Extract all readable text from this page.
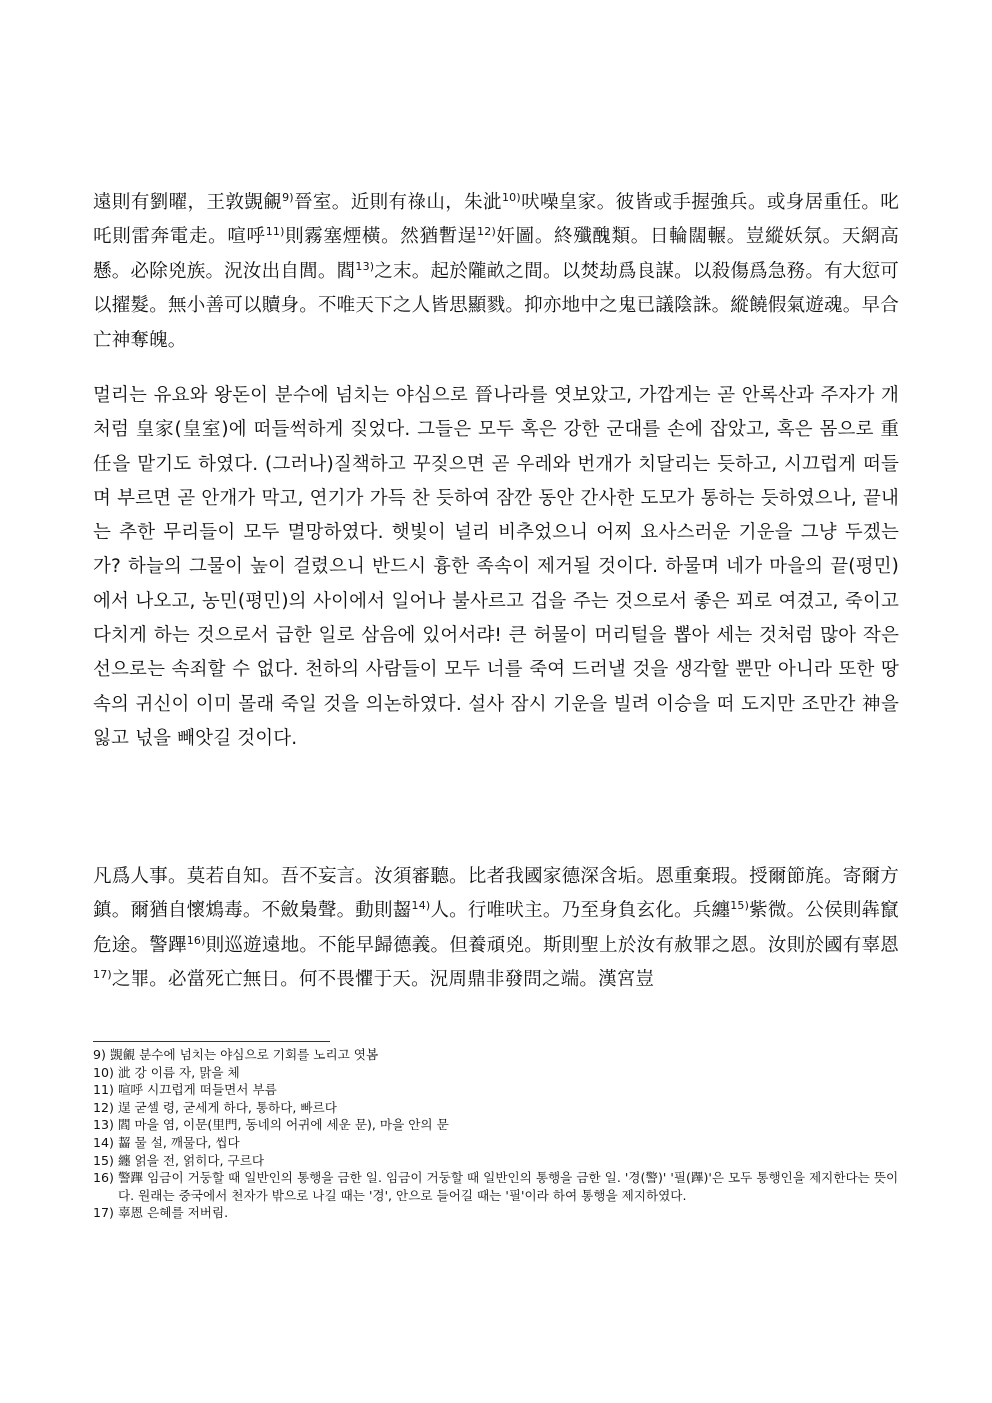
遠則有劉曜，王敦覬覦$^{9)}$晉室。近則有祿山，朱泚$^{10)}$吠噪皇家。彼皆或手握強兵。或身居重任。叱吒則雷奔電走。喧呼$^{11)}$則霧塞煙橫。然猶暫逞$^{12)}$奸圖。終殲醜類。日輪闊輾。豈縱妖氛。天網高懸。必除兇族。況汝出自閭。閻$^{13)}$之末。起於隴畝之間。以焚劫爲良謀。以殺傷爲急務。有大愆可以擢髮。無小善可以贖身。不唯天下之人皆思顯戮。抑亦地中之鬼已議陰誅。縱饒假氣遊魂。早合亡神奪魄。

멀리는 유요와 왕돈이 분수에 넘치는 야심으로 晉나라를 엿보았고, 가깝게는 곧 안록산과 주자가 개처럼 皇家(皇室)에 떠들썩하게 짖었다. 그들은 모두 혹은 강한 군대를 손에 잡았고, 혹은 몸으로 重任을 맡기도 하였다. (그러나)질책하고 꾸짖으면 곧 우레와 번개가 치달리는 듯하고, 시끄럽게 떠들며 부르면 곧 안개가 막고, 연기가 가득 찬 듯하여 잠깐 동안 간사한 도모가 통하는 듯하였으나, 끝내는 추한 무리들이 모두 멸망하였다. 햇빛이 널리 비추었으니 어찌 요사스러운 기운을 그냥 두겠는가? 하늘의 그물이 높이 걸렸으니 반드시 흉한 족속이 제거될 것이다. 하물며 네가 마을의 끝(평민)에서 나오고, 농민(평민)의 사이에서 일어나 불사르고 겁을 주는 것으로서 좋은 꾀로 여겼고, 죽이고 다치게 하는 것으로서 급한 일로 삼음에 있어서랴! 큰 허물이 머리털을 뽑아 세는 것처럼 많아 작은 선으로는 속죄할 수 없다. 천하의 사람들이 모두 너를 죽여 드러낼 것을 생각할 뿐만 아니라 또한 땅 속의 귀신이 이미 몰래 죽일 것을 의논하였다. 설사 잠시 기운을 빌려 이승을 떠 도지만 조만간 神을 잃고 넋을 빼앗길 것이다.

凡爲人事。莫若自知。吾不妄言。汝須審聽。比者我國家德深含垢。恩重棄瑕。授爾節旄。寄爾方鎮。爾猶自懷鴆毒。不斂梟聲。動則齧$^{14)}$人。行唯吠主。乃至身負玄化。兵纏$^{15)}$紫微。公侯則犇竄危途。警蹕$^{16)}$則巡遊遠地。不能早歸德義。但養頑兇。斯則聖上於汝有赦罪之恩。汝則於國有辜恩$^{17)}$之罪。必當死亡無日。何不畏懼于天。況周鼎非發問之端。漢宮豈

9) 覬覦 분수에 넘치는 야심으로 기회를 노리고 엿봄
10) 泚 강 이름 자, 맑을 체
11) 喧呼 시끄럽게 떠들면서 부름
12) 逞 굳셀 령, 굳세게 하다, 통하다, 빠르다
13) 閻 마을 염, 이문(里門, 동네의 어귀에 세운 문), 마을 안의 문
14) 齧 물 설, 깨물다, 씹다
15) 纏 얽을 전, 얽히다, 구르다
16) 警蹕 임금이 거둥할 때 일반인의 통행을 금한 일. 임금이 거둥할 때 일반인의 통행을 금한 일. '경(警)' '필(蹕)'은 모두 통행인을 제지한다는 뜻이다. 원래는 중국에서 천자가 밖으로 나길 때는 '경', 안으로 들어길 때는 '필'이라 하여 통행을 제지하였다.
17) 辜恩 은혜를 저버림.
